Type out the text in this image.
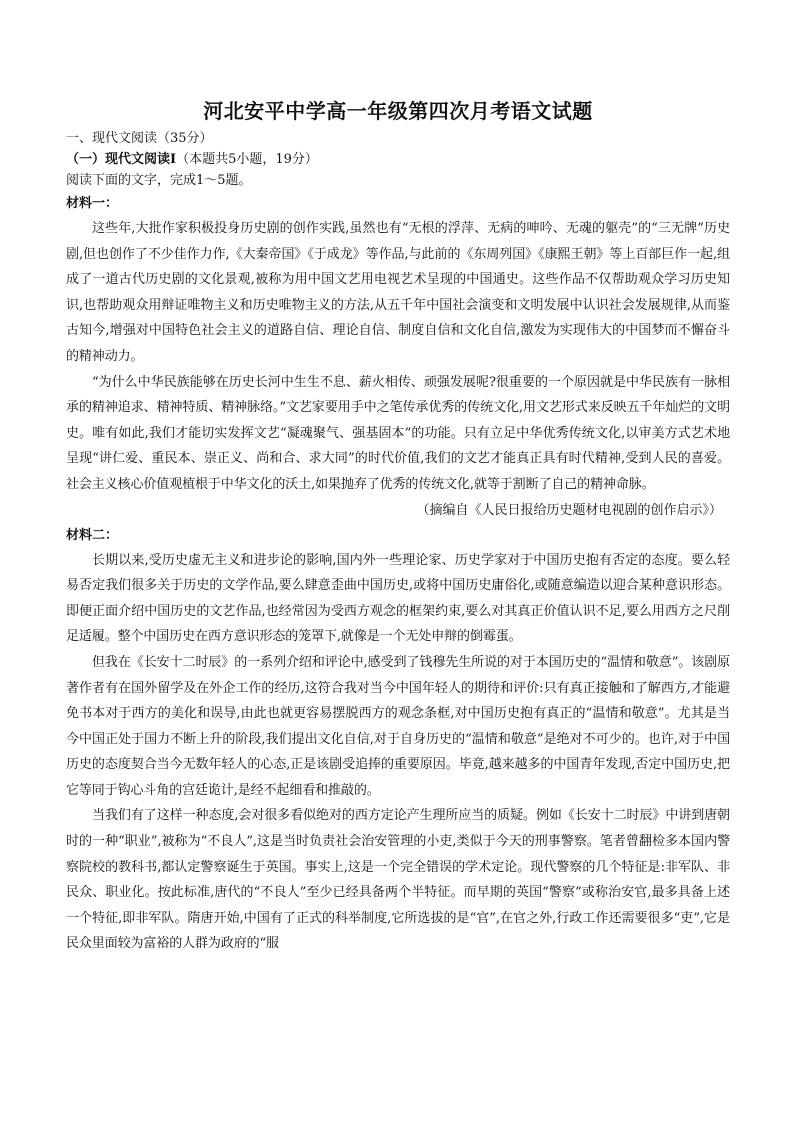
河北安平中学高一年级第四次月考语文试题

一、现代文阅读（35分）

（一）现代文阅读Ⅰ（本题共5小题，19分）

阅读下面的文字，完成1～5题。

材料一：

这些年,大批作家积极投身历史剧的创作实践,虽然也有“无根的浮萍、无病的呻吟、无魂的躯壳”的“三无牌”历史剧,但也创作了不少佳作力作,《大秦帝国》《于成龙》等作品,与此前的《东周列国》《康熙王朝》等上百部巨作一起,组成了一道古代历史剧的文化景观,被称为用中国文艺用电视艺术呈现的中国通史。这些作品不仅帮助观众学习历史知识,也帮助观众用辩证唯物主义和历史唯物主义的方法,从五千年中国社会演变和文明发展中认识社会发展规律,从而鉴古知今,增强对中国特色社会主义的道路自信、理论自信、制度自信和文化自信,激发为实现伟大的中国梦而不懈奋斗的精神动力。

“为什么中华民族能够在历史长河中生生不息、薪火相传、顽强发展呢?很重要的一个原因就是中华民族有一脉相承的精神追求、精神特质、精神脉络。”文艺家要用手中之笔传承优秀的传统文化,用文艺形式来反映五千年灿烂的文明史。唯有如此,我们才能切实发挥文艺“凝魂聚气、强基固本”的功能。只有立足中华优秀传统文化,以审美方式艺术地呈现“讲仁爱、重民本、崇正义、尚和合、求大同”的时代价值,我们的文艺才能真正具有时代精神,受到人民的喜爱。社会主义核心价值观植根于中华文化的沃土,如果抛弃了优秀的传统文化,就等于割断了自己的精神命脉。

（摘编自《人民日报给历史题材电视剧的创作启示》）

材料二：

长期以来,受历史虚无主义和进步论的影响,国内外一些理论家、历史学家对于中国历史抱有否定的态度。要么轻易否定我们很多关于历史的文学作品,要么肆意歪曲中国历史,或将中国历史庸俗化,或随意编造以迎合某种意识形态。即便正面介绍中国历史的文艺作品,也经常因为受西方观念的框架约束,要么对其真正价值认识不足,要么用西方之尺削足适履。整个中国历史在西方意识形态的笼罩下,就像是一个无处申辩的倒霉蛋。

但我在《长安十二时辰》的一系列介绍和评论中,感受到了钱穆先生所说的对于本国历史的“温情和敬意”。该剧原著作者有在国外留学及在外企工作的经历,这符合我对当今中国年轻人的期待和评价:只有真正接触和了解西方,才能避免书本对于西方的美化和误导,由此也就更容易摆脱西方的观念条框,对中国历史抱有真正的“温情和敬意”。尤其是当今中国正处于国力不断上升的阶段,我们提出文化自信,对于自身历史的“温情和敬意”是绝对不可少的。也许,对于中国历史的态度契合当今无数年轻人的心态,正是该剧受追捧的重要原因。毕竟,越来越多的中国青年发现,否定中国历史,把它等同于钩心斗角的宫廷诡计,是经不起细看和推敲的。

当我们有了这样一种态度,会对很多看似绝对的西方定论产生理所应当的质疑。例如《长安十二时辰》中讲到唐朝时的一种“职业”,被称为“不良人”,这是当时负责社会治安管理的小吏,类似于今天的刑事警察。笔者曾翻检多本国内警察院校的教科书,都认定警察诞生于英国。事实上,这是一个完全错误的学术定论。现代警察的几个特征是:非军队、非民众、职业化。按此标准,唐代的“不良人”至少已经具备两个半特征。而早期的英国“警察”或称治安官,最多具备上述一个特征,即非军队。隋唐开始,中国有了正式的科举制度,它所选拔的是“官”,在官之外,行政工作还需要很多“吏”,它是民众里面较为富裕的人群为政府的“服
